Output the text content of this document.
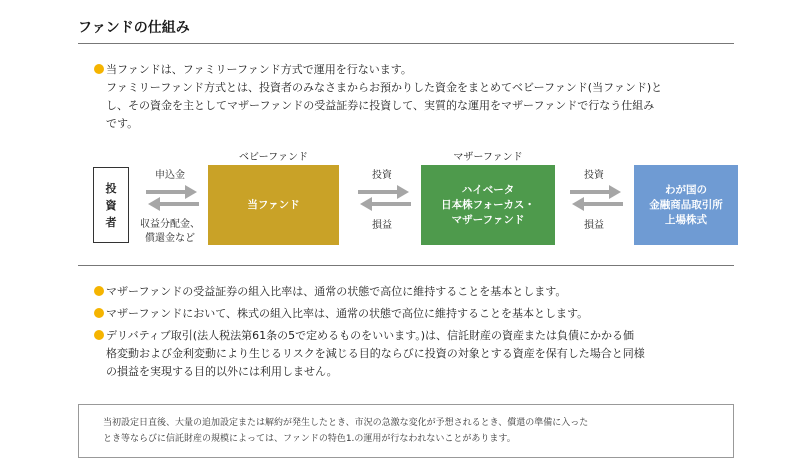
ファンドの仕組み
当ファンドは、ファミリーファンド方式で運用を行ないます。
ファミリーファンド方式とは、投資者のみなさまからお預かりした資金をまとめてベビーファンド(当ファンド)と
し、その資金を主としてマザーファンドの受益証券に投資して、実質的な運用をマザーファンドで行なう仕組み
です。
投
資
者
ベビーファンド	マザーファンド
当ファンド
ハイベータ
日本株フォーカス・
マザーファンド
わが国の
金融商品取引所
上場株式
申込金
収益分配金、
償還金など
投資
損益
投資
損益
マザーファンドの受益証券の組入比率は、通常の状態で高位に維持することを基本とします。
マザーファンドにおいて、株式の組入比率は、通常の状態で高位に維持することを基本とします。
デリバティブ取引(法人税法第61条の5で定めるものをいいます。)は、信託財産の資産または負債にかかる価
格変動および金利変動により生じるリスクを減じる目的ならびに投資の対象とする資産を保有した場合と同様
の損益を実現する目的以外には利用しません。
当初設定日直後、大量の追加設定または解約が発生したとき、市況の急激な変化が予想されるとき、償還の準備に入った
とき等ならびに信託財産の規模によっては、ファンドの特色1.の運用が行なわれないことがあります。
